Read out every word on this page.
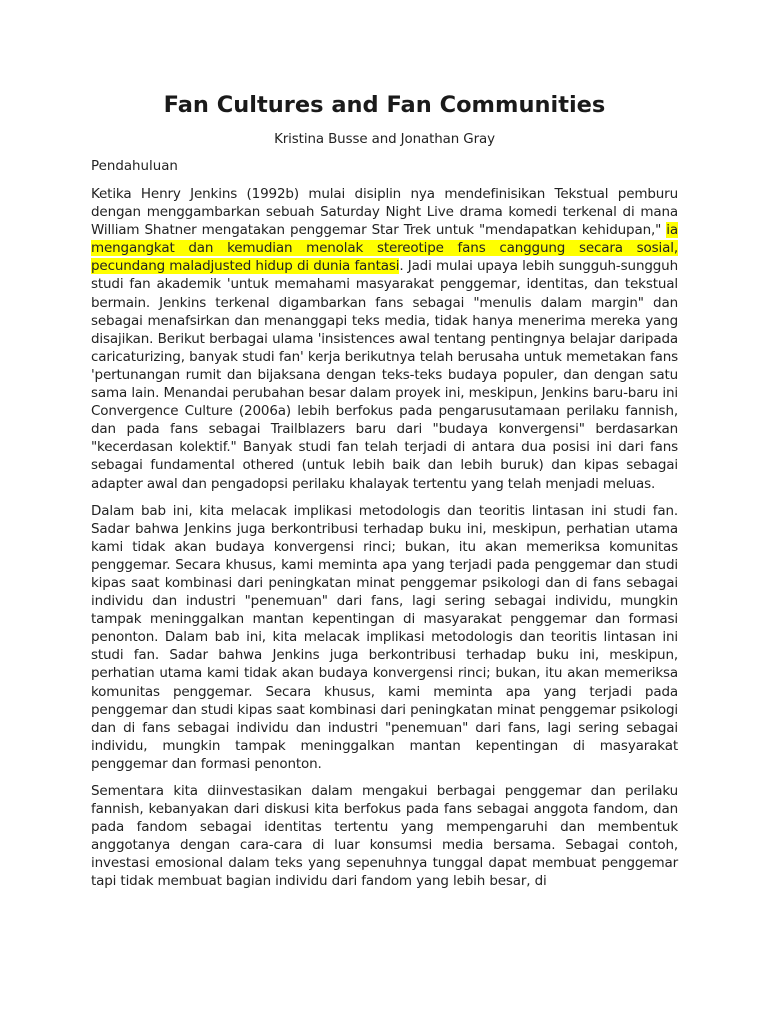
Fan Cultures and Fan Communities
Kristina Busse and Jonathan Gray
Pendahuluan

Ketika Henry Jenkins (1992b) mulai disiplin nya mendefinisikan Tekstual pemburu dengan menggambarkan sebuah Saturday Night Live drama komedi terkenal di mana William Shatner mengatakan penggemar Star Trek untuk "mendapatkan kehidupan," ia mengangkat dan kemudian menolak stereotipe fans canggung secara sosial, pecundang maladjusted hidup di dunia fantasi. Jadi mulai upaya lebih sungguh-sungguh studi fan akademik 'untuk memahami masyarakat penggemar, identitas, dan tekstual bermain. Jenkins terkenal digambarkan fans sebagai "menulis dalam margin" dan sebagai menafsirkan dan menanggapi teks media, tidak hanya menerima mereka yang disajikan. Berikut berbagai ulama 'insistences awal tentang pentingnya belajar daripada caricaturizing, banyak studi fan' kerja berikutnya telah berusaha untuk memetakan fans 'pertunangan rumit dan bijaksana dengan teks-teks budaya populer, dan dengan satu sama lain. Menandai perubahan besar dalam proyek ini, meskipun, Jenkins baru-baru ini Convergence Culture (2006a) lebih berfokus pada pengarusutamaan perilaku fannish, dan pada fans sebagai Trailblazers baru dari "budaya konvergensi" berdasarkan "kecerdasan kolektif." Banyak studi fan telah terjadi di antara dua posisi ini dari fans sebagai fundamental othered (untuk lebih baik dan lebih buruk) dan kipas sebagai adapter awal dan pengadopsi perilaku khalayak tertentu yang telah menjadi meluas.

Dalam bab ini, kita melacak implikasi metodologis dan teoritis lintasan ini studi fan. Sadar bahwa Jenkins juga berkontribusi terhadap buku ini, meskipun, perhatian utama kami tidak akan budaya konvergensi rinci; bukan, itu akan memeriksa komunitas penggemar. Secara khusus, kami meminta apa yang terjadi pada penggemar dan studi kipas saat kombinasi dari peningkatan minat penggemar psikologi dan di fans sebagai individu dan industri "penemuan" dari fans, lagi sering sebagai individu, mungkin tampak meninggalkan mantan kepentingan di masyarakat penggemar dan formasi penonton. Dalam bab ini, kita melacak implikasi metodologis dan teoritis lintasan ini studi fan. Sadar bahwa Jenkins juga berkontribusi terhadap buku ini, meskipun, perhatian utama kami tidak akan budaya konvergensi rinci; bukan, itu akan memeriksa komunitas penggemar. Secara khusus, kami meminta apa yang terjadi pada penggemar dan studi kipas saat kombinasi dari peningkatan minat penggemar psikologi dan di fans sebagai individu dan industri "penemuan" dari fans, lagi sering sebagai individu, mungkin tampak meninggalkan mantan kepentingan di masyarakat penggemar dan formasi penonton.

Sementara kita diinvestasikan dalam mengakui berbagai penggemar dan perilaku fannish, kebanyakan dari diskusi kita berfokus pada fans sebagai anggota fandom, dan pada fandom sebagai identitas tertentu yang mempengaruhi dan membentuk anggotanya dengan cara-cara di luar konsumsi media bersama. Sebagai contoh, investasi emosional dalam teks yang sepenuhnya tunggal dapat membuat penggemar tapi tidak membuat bagian individu dari fandom yang lebih besar, di
